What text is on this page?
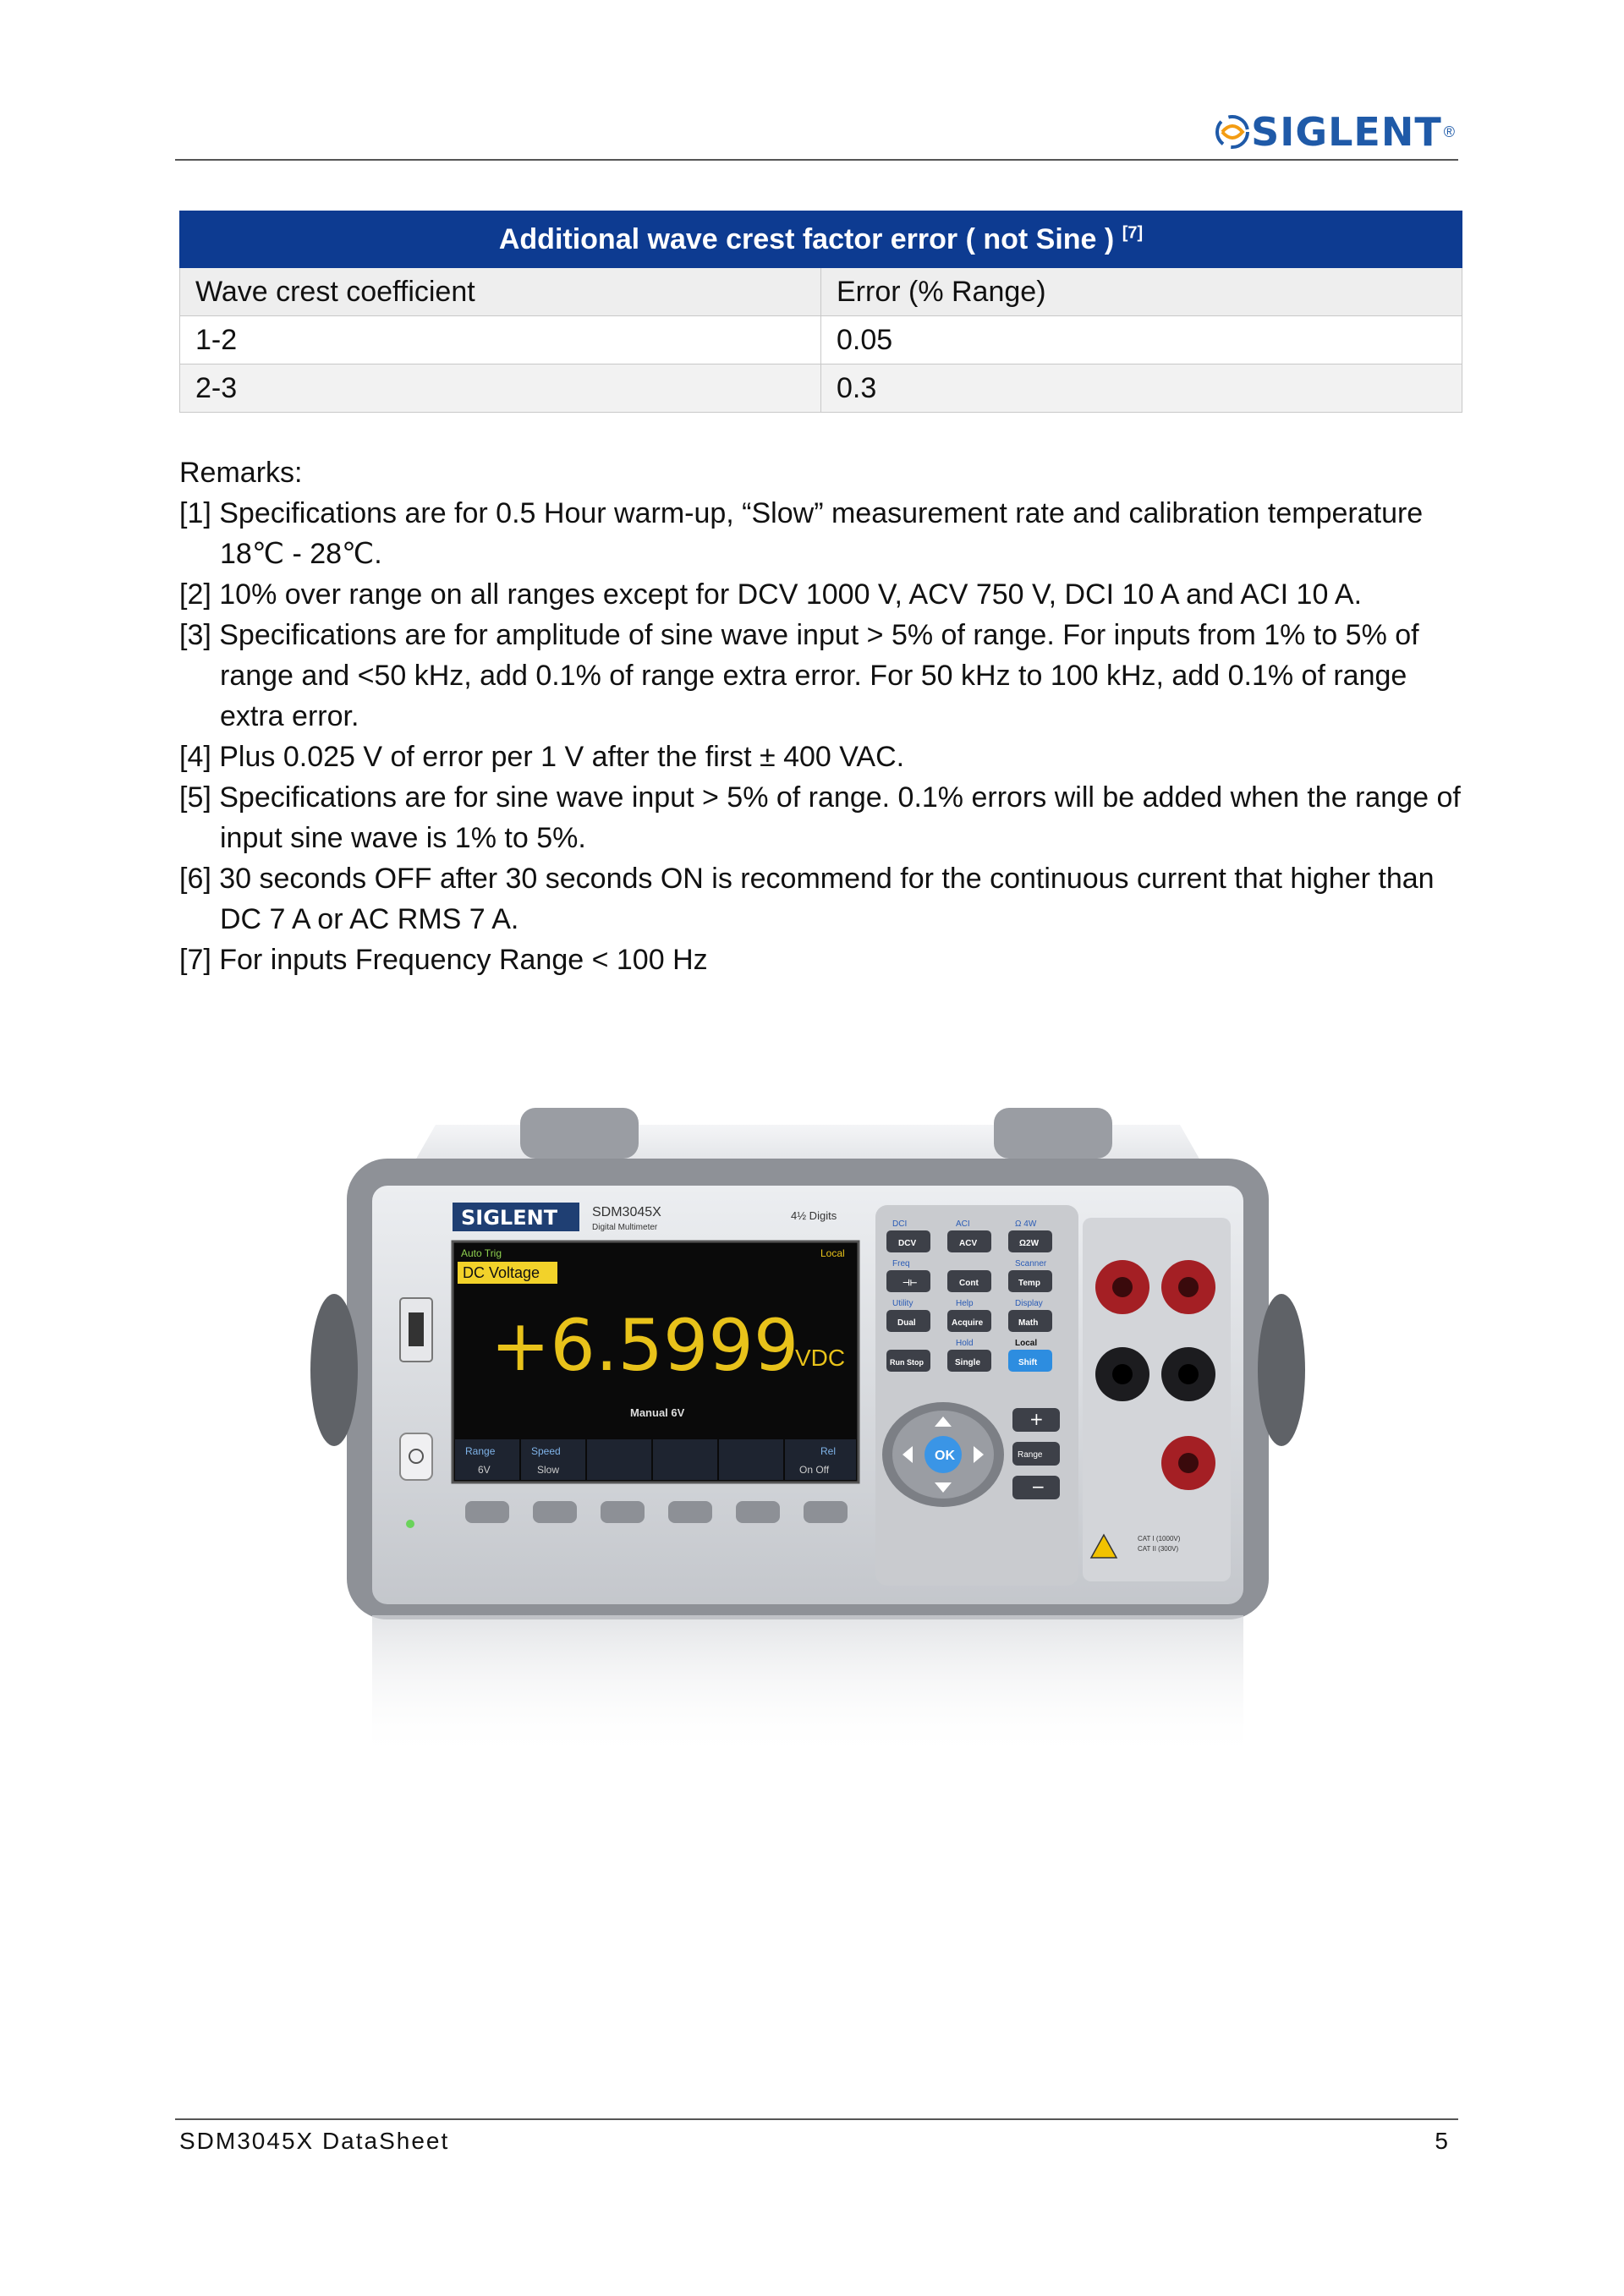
SIGLENT ®
Additional wave crest factor error ( not Sine ) [7]
Wave crest coefficient	Error (% Range)
1-2	0.05
2-3	0.3

Remarks:

[1] Specifications are for 0.5 Hour warm-up, “Slow” measurement rate and calibration temperature 18℃ - 28℃.
[2] 10% over range on all ranges except for DCV 1000 V, ACV 750 V, DCI 10 A and ACI 10 A.
[3] Specifications are for amplitude of sine wave input > 5% of range. For inputs from 1% to 5% of range and <50 kHz, add 0.1% of range extra error. For 50 kHz to 100 kHz, add 0.1% of range extra error.
[4] Plus 0.025 V of error per 1 V after the first ± 400 VAC.
[5] Specifications are for sine wave input > 5% of range. 0.1% errors will be added when the range of input sine wave is 1% to 5%.
[6] 30 seconds OFF after 30 seconds ON is recommend for the continuous current that higher than DC 7 A or AC RMS 7 A.
[7] For inputs Frequency Range < 100 Hz
SIGLENT	SDM3045X
Digital Multimeter
4½ Digits
Auto Trig	Local
DC Voltage
+6.5999
VDC
Manual 6V
Range	Speed	Rel
6V	Slow	On Off
DCI	ACI	Ω 4W
DCV	ACV	Ω2W
Freq	Scanner
⊣⊢	Cont	Temp
Utility	Help	Display
Dual	Acquire	Math
Hold	Local
Run Stop	Single	Shift
OK
+
Range
−
CAT I (1000V)
CAT II (300V)
SDM3045X DataSheet	5
